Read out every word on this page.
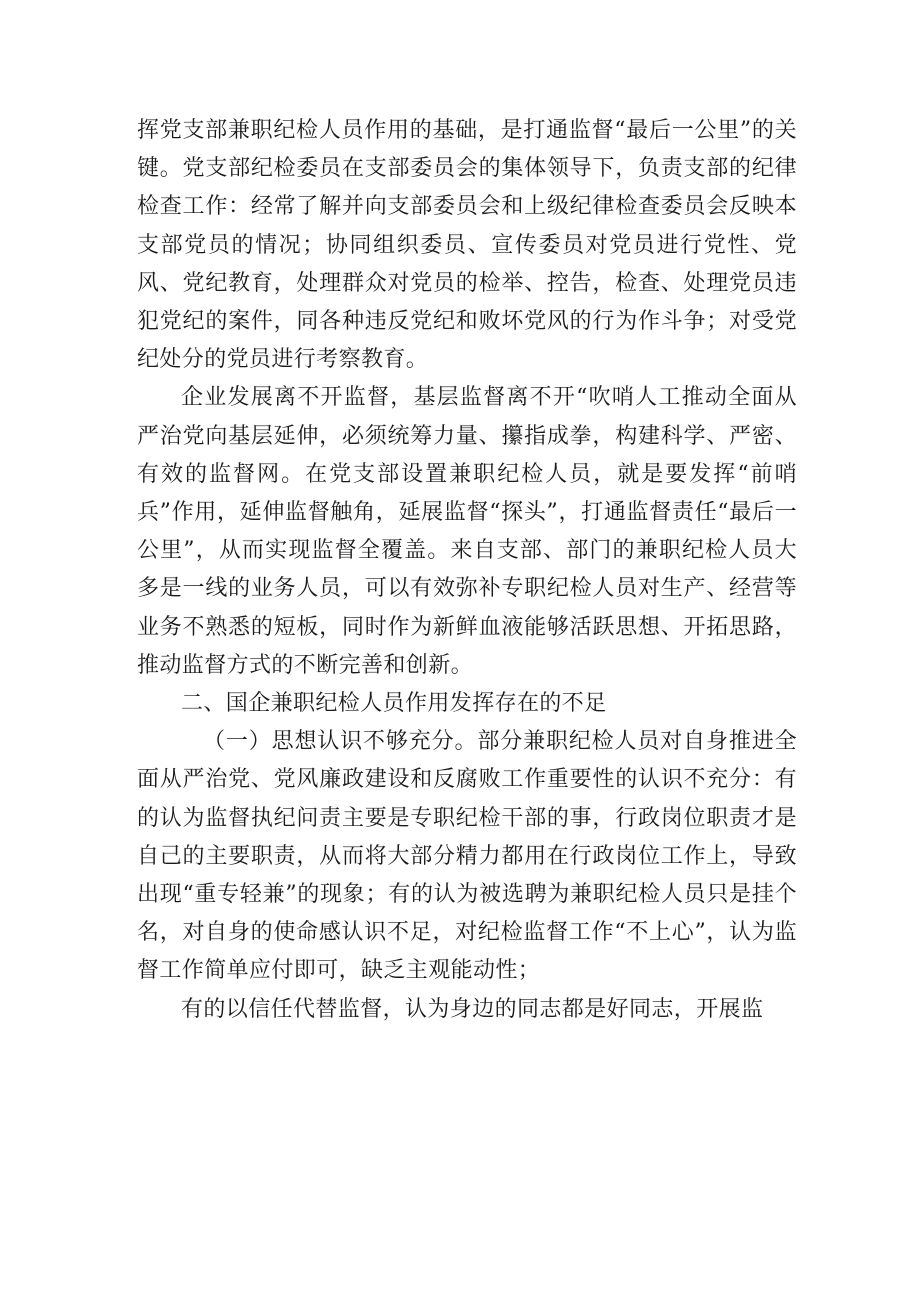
挥党支部兼职纪检人员作用的基础，是打通监督“最后一公里”的关键。党支部纪检委员在支部委员会的集体领导下，负责支部的纪律检查工作：经常了解并向支部委员会和上级纪律检查委员会反映本支部党员的情况；协同组织委员、宣传委员对党员进行党性、党风、党纪教育，处理群众对党员的检举、控告，检查、处理党员违犯党纪的案件，同各种违反党纪和败坏党风的行为作斗争；对受党纪处分的党员进行考察教育。

企业发展离不开监督，基层监督离不开“吹哨人工推动全面从严治党向基层延伸，必须统筹力量、攥指成拳，构建科学、严密、有效的监督网。在党支部设置兼职纪检人员，就是要发挥“前哨兵”作用，延伸监督触角，延展监督“探头”，打通监督责任“最后一公里”，从而实现监督全覆盖。来自支部、部门的兼职纪检人员大多是一线的业务人员，可以有效弥补专职纪检人员对生产、经营等业务不熟悉的短板，同时作为新鲜血液能够活跃思想、开拓思路，推动监督方式的不断完善和创新。

二、国企兼职纪检人员作用发挥存在的不足

（一）思想认识不够充分。部分兼职纪检人员对自身推进全面从严治党、党风廉政建设和反腐败工作重要性的认识不充分：有的认为监督执纪问责主要是专职纪检干部的事，行政岗位职责才是自己的主要职责，从而将大部分精力都用在行政岗位工作上，导致出现“重专轻兼”的现象；有的认为被选聘为兼职纪检人员只是挂个名，对自身的使命感认识不足，对纪检监督工作“不上心”，认为监督工作简单应付即可，缺乏主观能动性；

有的以信任代替监督，认为身边的同志都是好同志，开展监
